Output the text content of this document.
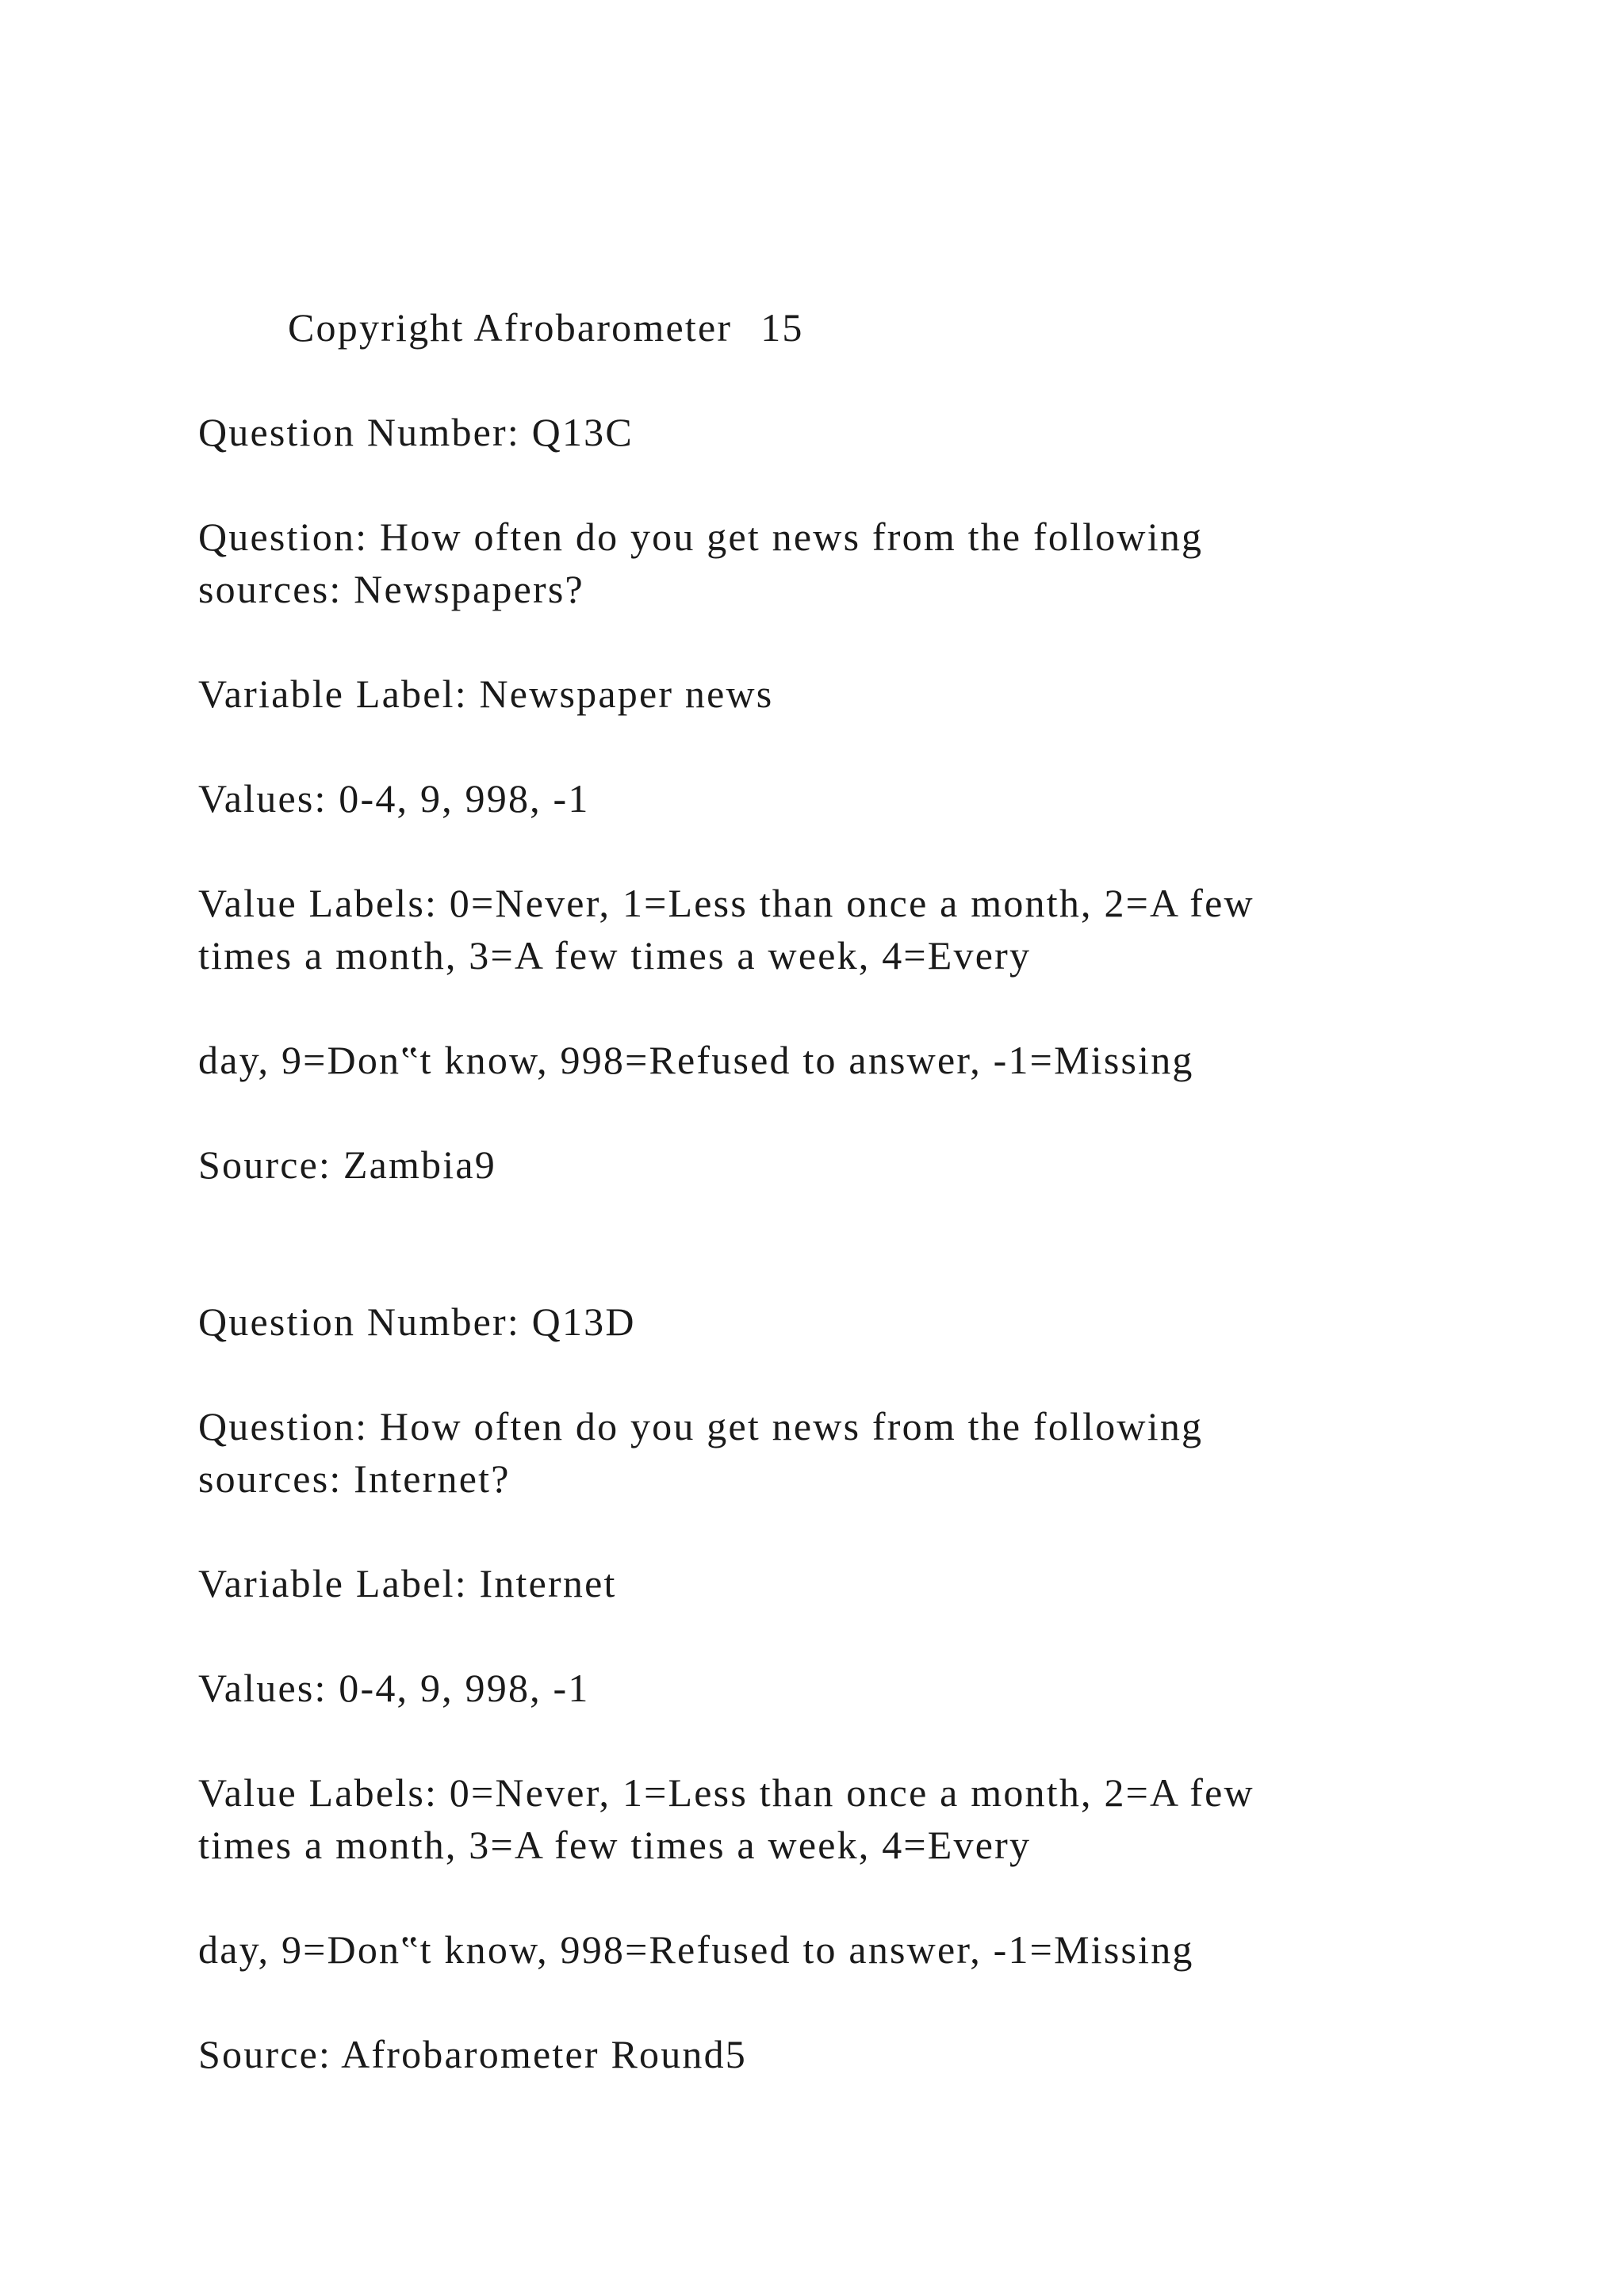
Copyright Afrobarometer 15

Question Number: Q13C

Question: How often do you get news from the following

sources: Newspapers?

Variable Label: Newspaper news

Values: 0-4, 9, 998, -1

Value Labels: 0=Never, 1=Less than once a month, 2=A few

times a month, 3=A few times a week, 4=Every

day, 9=Don‟t know, 998=Refused to answer, -1=Missing

Source: Zambia9

Question Number: Q13D

Question: How often do you get news from the following

sources: Internet?

Variable Label: Internet

Values: 0-4, 9, 998, -1

Value Labels: 0=Never, 1=Less than once a month, 2=A few

times a month, 3=A few times a week, 4=Every

day, 9=Don‟t know, 998=Refused to answer, -1=Missing

Source: Afrobarometer Round5
